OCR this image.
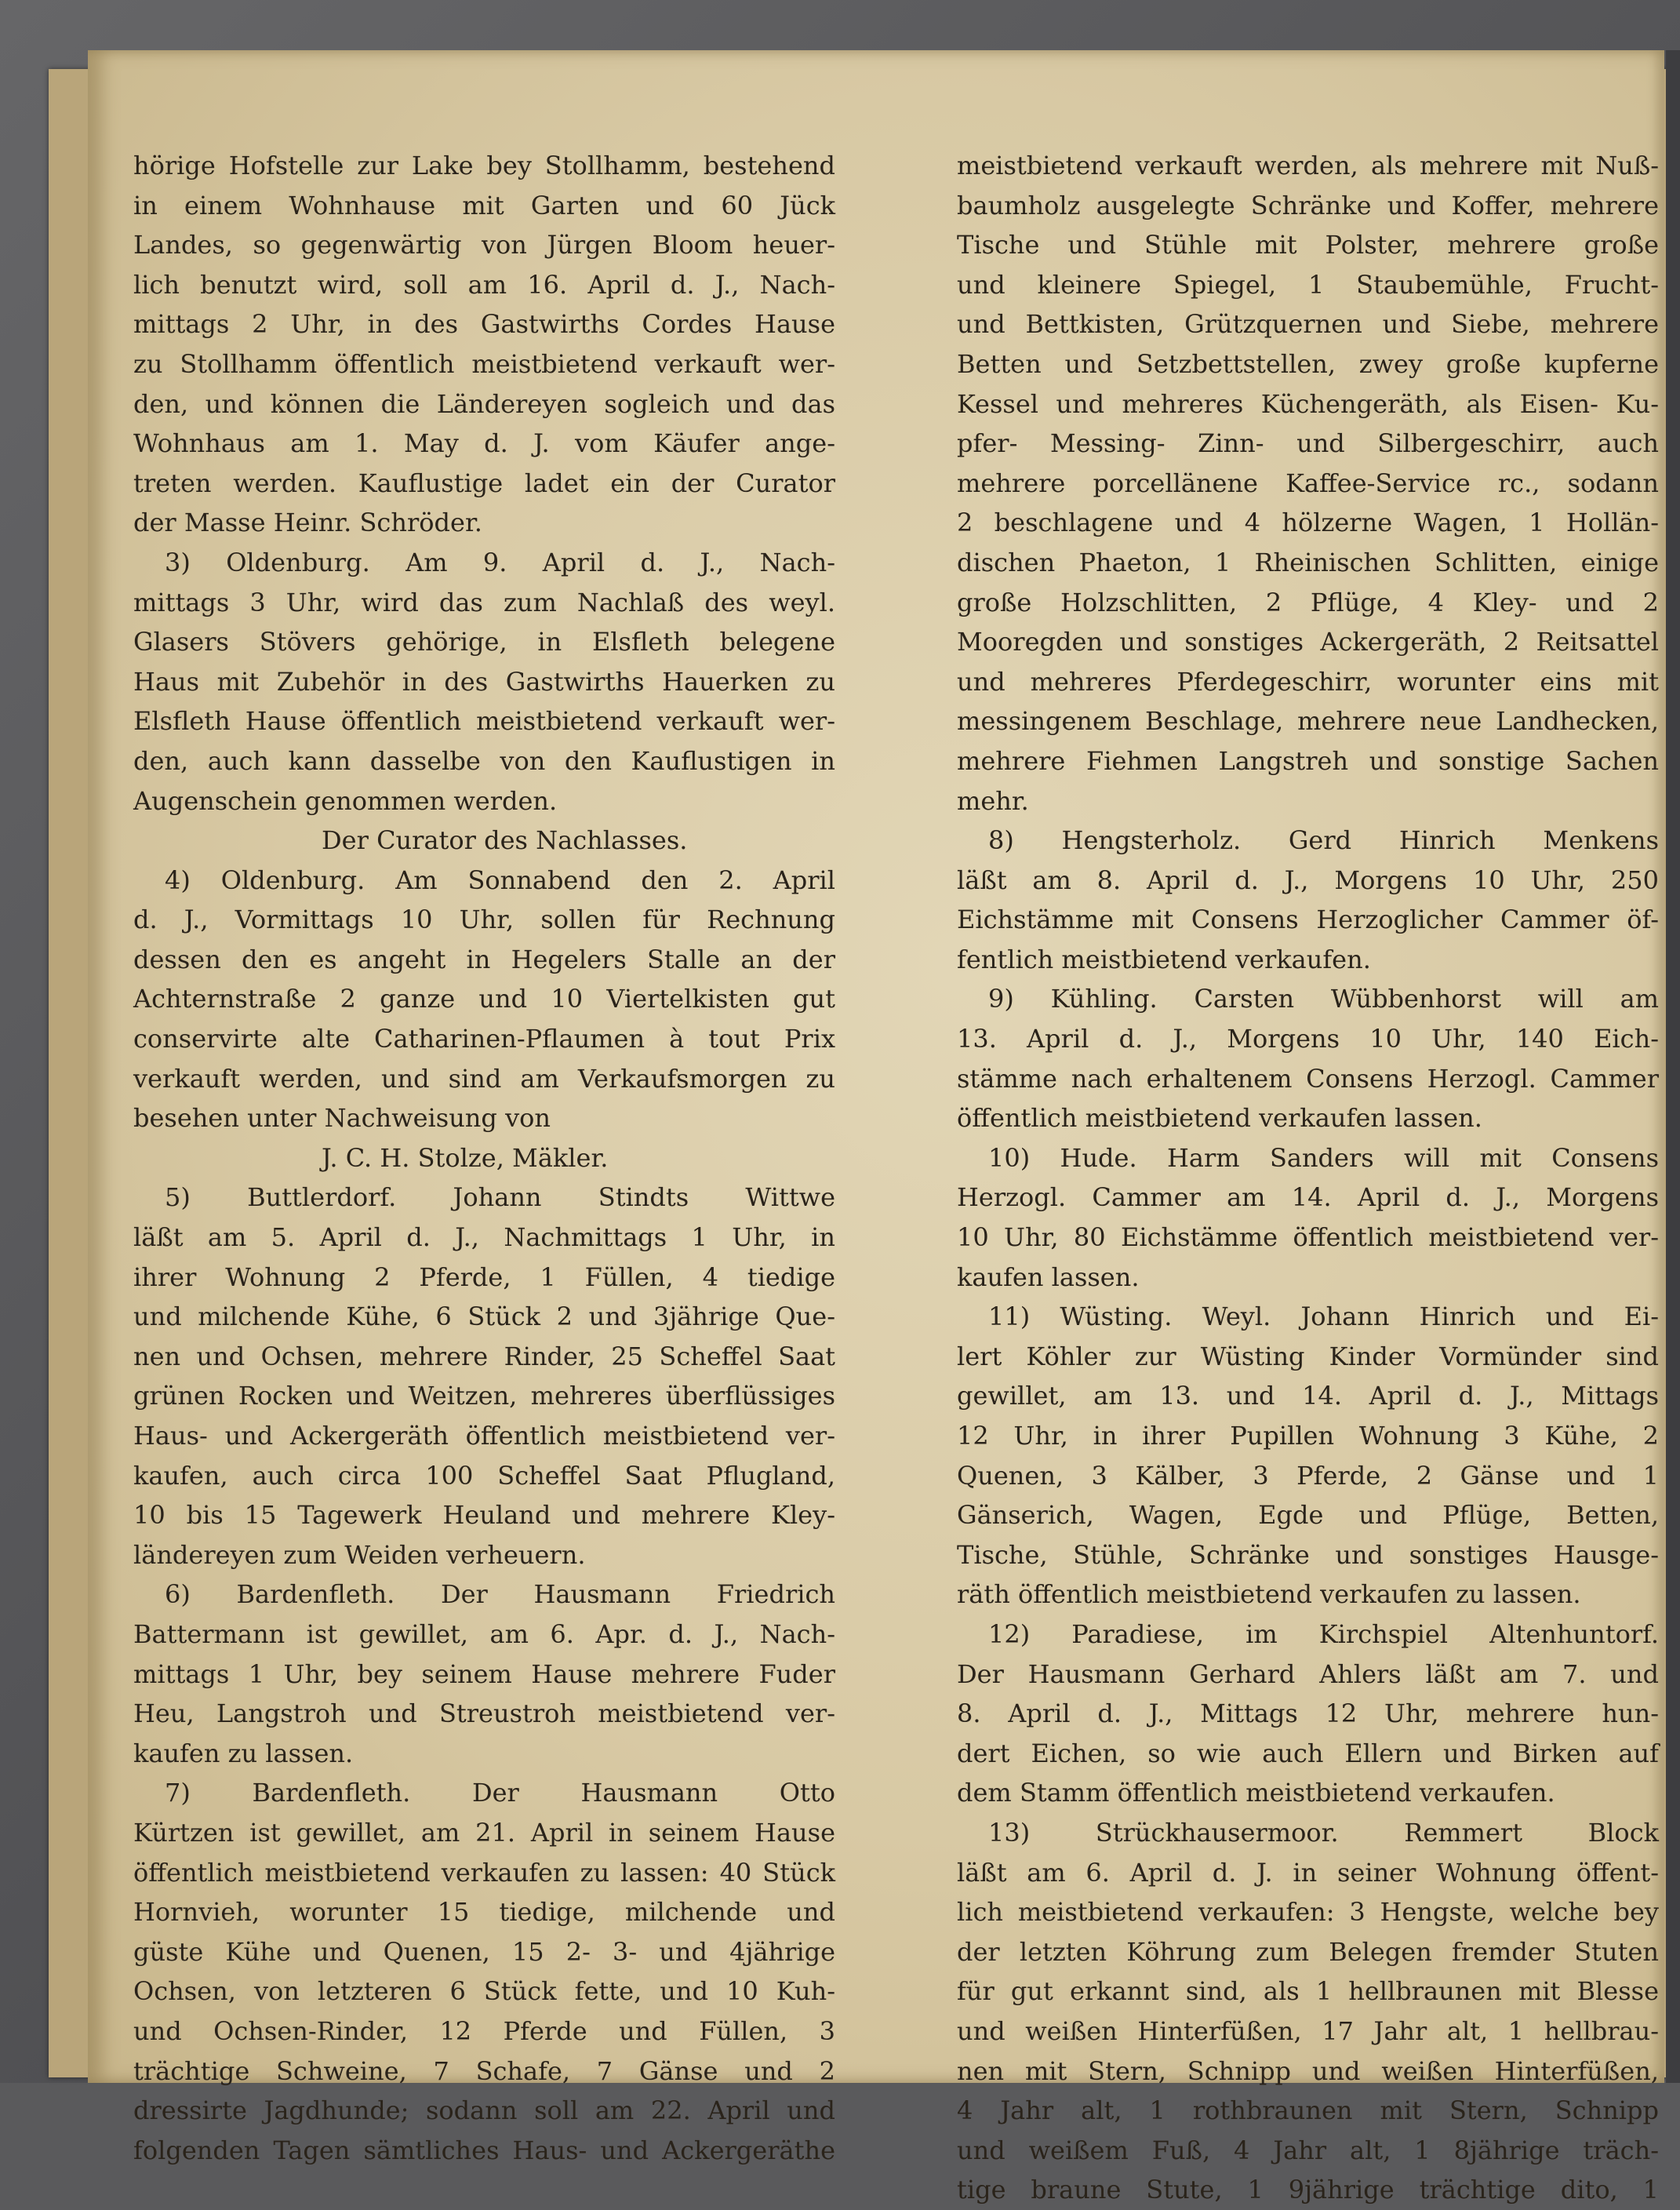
hörige Hofstelle zur Lake bey Stollhamm, bestehend
in einem Wohnhause mit Garten und 60 Jück
Landes, so gegenwärtig von Jürgen Bloom heuer-
lich benutzt wird, soll am 16. April d. J., Nach-
mittags 2 Uhr, in des Gastwirths Cordes Hause
zu Stollhamm öffentlich meistbietend verkauft wer-
den, und können die Ländereyen sogleich und das
Wohnhaus am 1. May d. J. vom Käufer ange-
treten werden. Kauflustige ladet ein der Curator
der Masse Heinr. Schröder.
3) Oldenburg. Am 9. April d. J., Nach-
mittags 3 Uhr, wird das zum Nachlaß des weyl.
Glasers Stövers gehörige, in Elsfleth belegene
Haus mit Zubehör in des Gastwirths Hauerken zu
Elsfleth Hause öffentlich meistbietend verkauft wer-
den, auch kann dasselbe von den Kauflustigen in
Augenschein genommen werden.
Der Curator des Nachlasses.
4) Oldenburg. Am Sonnabend den 2. April
d. J., Vormittags 10 Uhr, sollen für Rechnung
dessen den es angeht in Hegelers Stalle an der
Achternstraße 2 ganze und 10 Viertelkisten gut
conservirte alte Catharinen-Pflaumen à tout Prix
verkauft werden, und sind am Verkaufsmorgen zu
besehen unter Nachweisung von
J. C. H. Stolze, Mäkler.
5) Buttlerdorf. Johann Stindts Wittwe
läßt am 5. April d. J., Nachmittags 1 Uhr, in
ihrer Wohnung 2 Pferde, 1 Füllen, 4 tiedige
und milchende Kühe, 6 Stück 2 und 3jährige Que-
nen und Ochsen, mehrere Rinder, 25 Scheffel Saat
grünen Rocken und Weitzen, mehreres überflüssiges
Haus- und Ackergeräth öffentlich meistbietend ver-
kaufen, auch circa 100 Scheffel Saat Pflugland,
10 bis 15 Tagewerk Heuland und mehrere Kley-
ländereyen zum Weiden verheuern.
6) Bardenfleth. Der Hausmann Friedrich
Battermann ist gewillet, am 6. Apr. d. J., Nach-
mittags 1 Uhr, bey seinem Hause mehrere Fuder
Heu, Langstroh und Streustroh meistbietend ver-
kaufen zu lassen.
7) Bardenfleth. Der Hausmann Otto
Kürtzen ist gewillet, am 21. April in seinem Hause
öffentlich meistbietend verkaufen zu lassen: 40 Stück
Hornvieh, worunter 15 tiedige, milchende und
güste Kühe und Quenen, 15 2- 3- und 4jährige
Ochsen, von letzteren 6 Stück fette, und 10 Kuh-
und Ochsen-Rinder, 12 Pferde und Füllen, 3
trächtige Schweine, 7 Schafe, 7 Gänse und 2
dressirte Jagdhunde; sodann soll am 22. April und
folgenden Tagen sämtliches Haus- und Ackergeräthe
meistbietend verkauft werden, als mehrere mit Nuß-
baumholz ausgelegte Schränke und Koffer, mehrere
Tische und Stühle mit Polster, mehrere große
und kleinere Spiegel, 1 Staubemühle, Frucht-
und Bettkisten, Grützquernen und Siebe, mehrere
Betten und Setzbettstellen, zwey große kupferne
Kessel und mehreres Küchengeräth, als Eisen- Ku-
pfer- Messing- Zinn- und Silbergeschirr, auch
mehrere porcellänene Kaffee-Service rc., sodann
2 beschlagene und 4 hölzerne Wagen, 1 Hollän-
dischen Phaeton, 1 Rheinischen Schlitten, einige
große Holzschlitten, 2 Pflüge, 4 Kley- und 2
Mooregden und sonstiges Ackergeräth, 2 Reitsattel
und mehreres Pferdegeschirr, worunter eins mit
messingenem Beschlage, mehrere neue Landhecken,
mehrere Fiehmen Langstreh und sonstige Sachen
mehr.
8) Hengsterholz. Gerd Hinrich Menkens
läßt am 8. April d. J., Morgens 10 Uhr, 250
Eichstämme mit Consens Herzoglicher Cammer öf-
fentlich meistbietend verkaufen.
9) Kühling. Carsten Wübbenhorst will am
13. April d. J., Morgens 10 Uhr, 140 Eich-
stämme nach erhaltenem Consens Herzogl. Cammer
öffentlich meistbietend verkaufen lassen.
10) Hude. Harm Sanders will mit Consens
Herzogl. Cammer am 14. April d. J., Morgens
10 Uhr, 80 Eichstämme öffentlich meistbietend ver-
kaufen lassen.
11) Wüsting. Weyl. Johann Hinrich und Ei-
lert Köhler zur Wüsting Kinder Vormünder sind
gewillet, am 13. und 14. April d. J., Mittags
12 Uhr, in ihrer Pupillen Wohnung 3 Kühe, 2
Quenen, 3 Kälber, 3 Pferde, 2 Gänse und 1
Gänserich, Wagen, Egde und Pflüge, Betten,
Tische, Stühle, Schränke und sonstiges Hausge-
räth öffentlich meistbietend verkaufen zu lassen.
12) Paradiese, im Kirchspiel Altenhuntorf.
Der Hausmann Gerhard Ahlers läßt am 7. und
8. April d. J., Mittags 12 Uhr, mehrere hun-
dert Eichen, so wie auch Ellern und Birken auf
dem Stamm öffentlich meistbietend verkaufen.
13) Strückhausermoor. Remmert Block
läßt am 6. April d. J. in seiner Wohnung öffent-
lich meistbietend verkaufen: 3 Hengste, welche bey
der letzten Köhrung zum Belegen fremder Stuten
für gut erkannt sind, als 1 hellbraunen mit Blesse
und weißen Hinterfüßen, 17 Jahr alt, 1 hellbrau-
nen mit Stern, Schnipp und weißen Hinterfüßen,
4 Jahr alt, 1 rothbraunen mit Stern, Schnipp
und weißem Fuß, 4 Jahr alt, 1 8jährige träch-
tige braune Stute, 1 9jährige trächtige dito, 1
